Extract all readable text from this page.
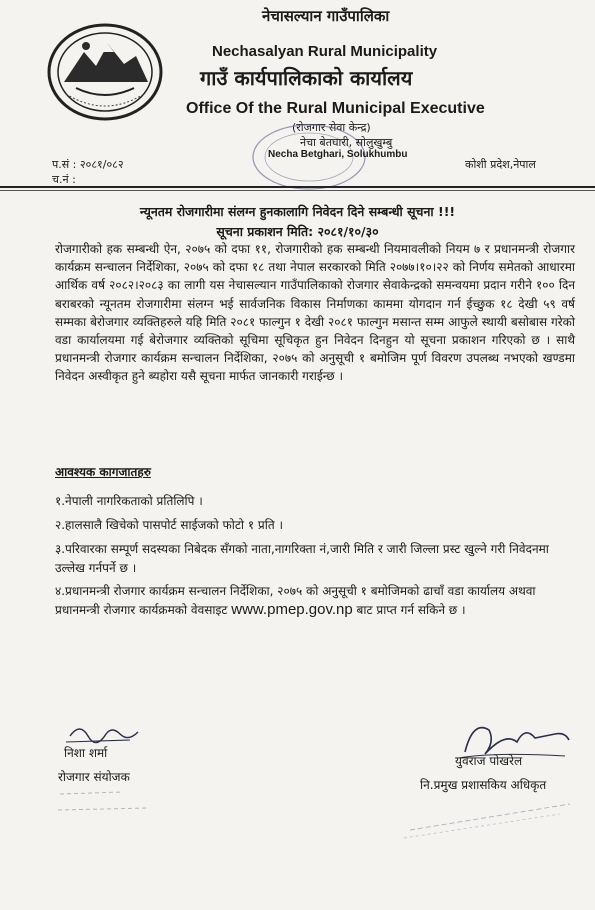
नेचासल्यान गाउँपालिका
Nechasalyan Rural Municipality
गाउँ कार्यपालिकाको कार्यालय
Office Of the Rural Municipal Executive
(रोजगार सेवा केन्द्र)
नेचा बेतघारी, सोलुखुम्बु
Necha Betghari, Solukhumbu
प.सं : २०८१/०८२
च.नं :
कोशी प्रदेश,नेपाल
न्यूनतम रोजगारीमा संलग्न हुनकालागि निवेदन दिने सम्बन्धी सूचना !!!
सूचना प्रकाशन मिति: २०८१/१०/३०

रोजगारीको हक सम्बन्धी ऐन, २०७५ को दफा ११, रोजगारीको हक सम्बन्धी नियमावलीको नियम ७ र प्रधानमन्त्री रोजगार कार्यक्रम सन्चालन निर्देशिका, २०७५ को दफा १८ तथा नेपाल सरकारको मिति २०७७।१०।२२ को निर्णय समेतको आधारमा आर्थिक वर्ष २०८२।२०८३ का लागी यस नेचासल्यान गाउँपालिकाको रोजगार सेवाकेन्द्रको समन्वयमा प्रदान गरीने १०० दिन बराबरको न्यूनतम रोजगारीमा संलग्न भई सार्वजनिक विकास निर्माणका काममा योगदान गर्न ईच्छुक १८ देखी ५९ वर्ष सम्मका बेरोजगार व्यक्तिहरुले यहि मिति २०८१ फाल्गुन १ देखी २०८१ फाल्गुन मसान्त सम्म आफुले स्थायी बसोबास गरेको वडा कार्यालयमा गई बेरोजगार व्यक्तिको सूचिमा सूचिकृत हुन निवेदन दिनहुन यो सूचना प्रकाशन गरिएको छ । साथै प्रधानमन्त्री रोजगार कार्यक्रम सन्चालन निर्देशिका, २०७५ को अनुसूची १ बमोजिम पूर्ण विवरण उपलब्ध नभएको खण्डमा निवेदन अस्वीकृत हुने ब्यहोरा यसै सूचना मार्फत जानकारी गराईन्छ ।

आवश्यक कागजातहरु

१.नेपाली नागरिकताको प्रतिलिपि ।

२.हालसालै खिचेको पासपोर्ट साईजको फोटो १ प्रति ।

३.परिवारका सम्पूर्ण सदस्यका निबेदक सँगको नाता,नागरिक्ता नं,जारी मिति र जारी जिल्ला प्रस्ट खुल्ने गरी निवेदनमा उल्लेख गर्नपर्ने छ ।

४.प्रधानमन्त्री रोजगार कार्यक्रम सन्चालन निर्देशिका, २०७५ को अनुसूची १ बमोजिमको ढाचाँ वडा कार्यालय अथवा प्रधानमन्त्री रोजगार कार्यक्रमको वेवसाइट www.pmep.gov.np बाट प्राप्त गर्न सकिने छ ।

निशा शर्मा
रोजगार संयोजक
युवराज पोखरेल
नि.प्रमुख प्रशासकिय अधिकृत
